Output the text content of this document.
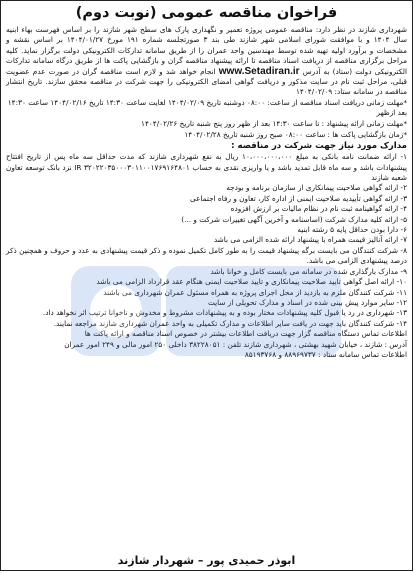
فراخوان مناقصه عمومی (نوبت دوم)

شهرداری شازند در نظر دارد: مناقصه عمومی پروژه تعمیر و نگهداری پارک های سطح شهر شازند را بر اساس فهرست بهاء ابنیه سال ۱۴۰۴ و با موافقت شورای اسلامی شهر شازند طی بند ۳ صورتجلسه شماره ۱۹۱ مورخ ۱۴۰۴/۰۱/۲۷ بر اساس نقشه و مشخصات و برآورد اولیه تهیه شده توسط مهندسین واحد عمران را از طریق سامانه تدارکات الکترونیکی دولت برگزار نماید. کلیه مراحل برگزاری مناقصه از دریافت اسناد مناقصه تا ارائه پیشنهاد مناقصه گران و بازگشایی پاکت ها از طریق درگاه سامانه تدارکات الکترونیکی دولت (ستاد) به آدرس www.Setadiran.ir انجام خواهد شد و لازم است مناقصه گران در صورت عدم عضویت قبلی، مراحل ثبت نام در سایت مذکور و دریافت گواهی امضای الکترونیکی را جهت شرکت در مناقصه محقق سازند. تاریخ انتشار مناقصه در سامانه ستاد: ۱۴۰۴/۰۲/۰۹

*مهلت زمانی دریافت اسناد مناقصه از ساعت: ۰۸:۰۰ دوشنبه تاریخ ۱۴۰۴/۰۲/۰۹ لغایت ساعت ۱۴:۳۰ تاریخ ۱۴۰۴/۰۲/۱۶ ساعت ۱۴:۳۰ بعد ازظهر

*مهلت زمانی ارائه پیشنهاد : تا ساعت ۱۴:۳۰ بعد از ظهر روز پنج شنبه تاریخ ۱۴۰۴/۰۲/۲۶

*زمان بازگشایی پاکت ها : ساعت ۰۸:۰۰ صبح روز شنبه تاریخ ۱۴۰۴/۰۲/۲۸

مدارک مورد نیاز جهت شرکت در مناقصه :
۱- ارائه ضمانت نامه بانکی به مبلغ ۱۰،۰۰۰،۰۰۰،۰۰۰ ریال به نفع شهرداری شازند که مدت حداقل سه ماه پس از تاریخ افتتاح پیشنهادات باشد و سه ماه قابل تمدید باشد و یا واریزی نقدی به حساب IR ۳۲۰۲۲۰۳۵۰۰۰۳۰۱۱۰۰۱۷۶۹۱۶۴۸۰۱ نزد بانک توسعه تعاون شعبه شازند
۲- ارائه گواهی صلاحیت پیمانکاری از سازمان برنامه و بودجه
۳- ارائه گواهی تأییدیه صلاحیت ایمنی از اداره کار، تعاون و رفاه اجتماعی
۴- ارائه گواهینامه ثبت نام در نظام مالیات بر ارزش افزوده
۵- ارائه کلیه مدارک شرکت (اساسنامه و آخرین آگهی تغییرات شرکت و ...)
۶- دارا بودن حداقل پایه ۵ رشته ابنیه
۷- ارائه آنالیز قیمت همراه با پیشنهاد ارائه شده الزامی می باشد
۸- شرکت کنندگان می بایست برگه پیشنهاد قیمت را به طور کامل تکمیل نموده و ذکر قیمت پیشنهادی به عدد و حروف و همچنین ذکر درصد پیشنهادی الزامی می باشد.
۹- مدارک بارگذاری شده در سامانه می بایست کامل و خوانا باشد
۱۰- ارائه اصل گواهی تایید صلاحیت پیمانکاری و تایید صلاحیت ایمنی هنگام عقد قرارداد الزامی می باشد
۱۱- شرکت کنندگان ملزم به بازدید از محل اجرای پروژه به همراه مسئول عمران شهرداری می باشند
۱۲- سایر موارد پیش بینی شده در اسناد و مدارک تحویلی از سایت
۱۳- شهرداری در رد یا قبول کلیه پیشنهادات مختار بوده و به پیشنهادات مشروط و مخدوش و ناخوانا ترتیب اثر نخواهد داد.
۱۴- شرکت کنندگان باید جهت در یافت سایر اطلاعات و مدارک تکمیلی به واحد عمران شهرداری شازند مراجعه نمایند.
اطلاعات تماس دستگاه مناقصه گزار جهت دریافت اطلاعات بیشتر در خصوص اسناد مناقصه و ارائه پاکت ها

آدرس : شازند ، خیابان شهید بهشتی ، شهرداری شازند تلفن : ۳۸۲۲۸۰۵۱ داخلی ۲۵۰ امور مالی و ۲۴۹ امور عمران

اطلاعات تماس سامانه ستاد : ۸۸۹۶۹۷۳۷ و ۸۵۱۹۳۷۶۸

ابوذر حمیدی پور – شهردار شازند
